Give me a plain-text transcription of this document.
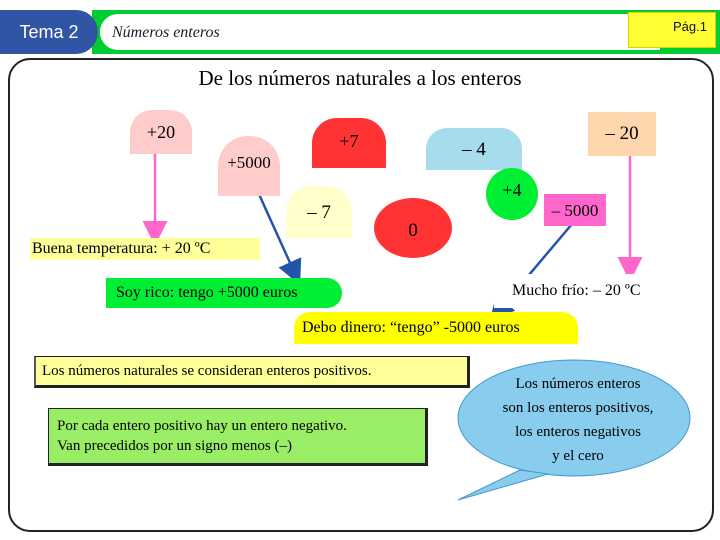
Tema 2	Números enteros	Pág.1
De los números naturales a los enteros
+20
+5000
+7	– 4
– 20
– 7
0
+4
– 5000
Buena temperatura: + 20 ºC
Soy rico: tengo +5000 euros	Mucho frío: – 20 ºC
Debo dinero: “tengo” -5000 euros
Los números naturales se consideran enteros positivos.
Por cada entero positivo hay un entero negativo.
Van precedidos por un signo menos (–)
Los números enteros
son los enteros positivos,
los enteros negativos
y el cero
